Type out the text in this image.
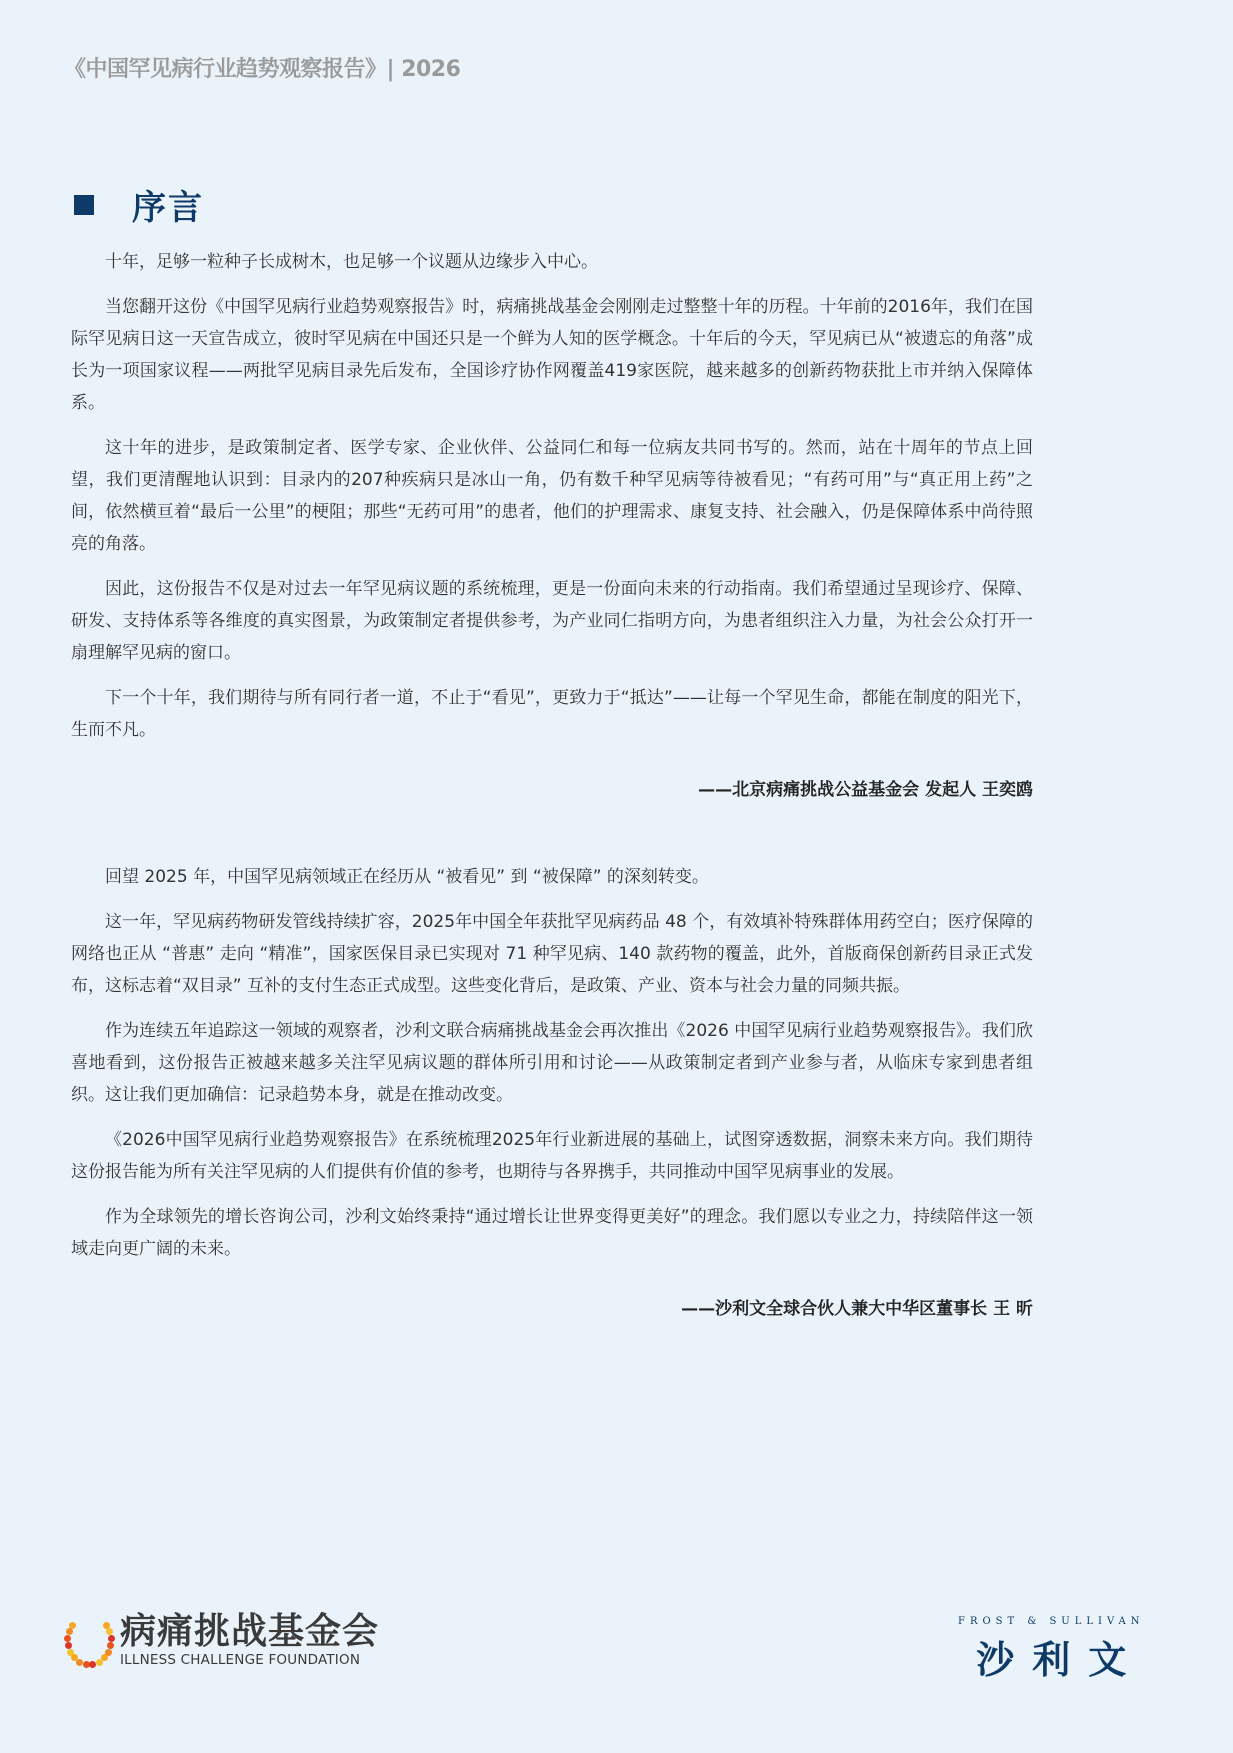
《中国罕见病行业趋势观察报告》| 2026
序言

十年，足够一粒种子长成树木，也足够一个议题从边缘步入中心。

当您翻开这份《中国罕见病行业趋势观察报告》时，病痛挑战基金会刚刚走过整整十年的历程。十年前的2016年，我们在国际罕见病日这一天宣告成立，彼时罕见病在中国还只是一个鲜为人知的医学概念。十年后的今天，罕见病已从“被遗忘的角落”成长为一项国家议程——两批罕见病目录先后发布，全国诊疗协作网覆盖419家医院，越来越多的创新药物获批上市并纳入保障体系。

这十年的进步，是政策制定者、医学专家、企业伙伴、公益同仁和每一位病友共同书写的。然而，站在十周年的节点上回望，我们更清醒地认识到：目录内的207种疾病只是冰山一角，仍有数千种罕见病等待被看见；“有药可用”与“真正用上药”之间，依然横亘着“最后一公里”的梗阻；那些“无药可用”的患者，他们的护理需求、康复支持、社会融入，仍是保障体系中尚待照亮的角落。

因此，这份报告不仅是对过去一年罕见病议题的系统梳理，更是一份面向未来的行动指南。我们希望通过呈现诊疗、保障、研发、支持体系等各维度的真实图景，为政策制定者提供参考，为产业同仁指明方向，为患者组织注入力量，为社会公众打开一扇理解罕见病的窗口。

下一个十年，我们期待与所有同行者一道，不止于“看见”，更致力于“抵达”——让每一个罕见生命，都能在制度的阳光下，生而不凡。

——北京病痛挑战公益基金会 发起人 王奕鸥

回望 2025 年，中国罕见病领域正在经历从 “被看见” 到 “被保障” 的深刻转变。

这一年，罕见病药物研发管线持续扩容，2025年中国全年获批罕见病药品 48 个，有效填补特殊群体用药空白；医疗保障的网络也正从 “普惠” 走向 “精准”，国家医保目录已实现对 71 种罕见病、140 款药物的覆盖，此外，首版商保创新药目录正式发布，这标志着“双目录” 互补的支付生态正式成型。这些变化背后，是政策、产业、资本与社会力量的同频共振。

作为连续五年追踪这一领域的观察者，沙利文联合病痛挑战基金会再次推出《2026 中国罕见病行业趋势观察报告》。我们欣喜地看到，这份报告正被越来越多关注罕见病议题的群体所引用和讨论——从政策制定者到产业参与者，从临床专家到患者组织。这让我们更加确信：记录趋势本身，就是在推动改变。

《2026中国罕见病行业趋势观察报告》在系统梳理2025年行业新进展的基础上，试图穿透数据，洞察未来方向。我们期待这份报告能为所有关注罕见病的人们提供有价值的参考，也期待与各界携手，共同推动中国罕见病事业的发展。

作为全球领先的增长咨询公司，沙利文始终秉持“通过增长让世界变得更美好”的理念。我们愿以专业之力，持续陪伴这一领域走向更广阔的未来。

——沙利文全球合伙人兼大中华区董事长 王 昕
病痛挑战基金会
ILLNESS CHALLENGE FOUNDATION
FROST & SULLIVAN
沙利文
